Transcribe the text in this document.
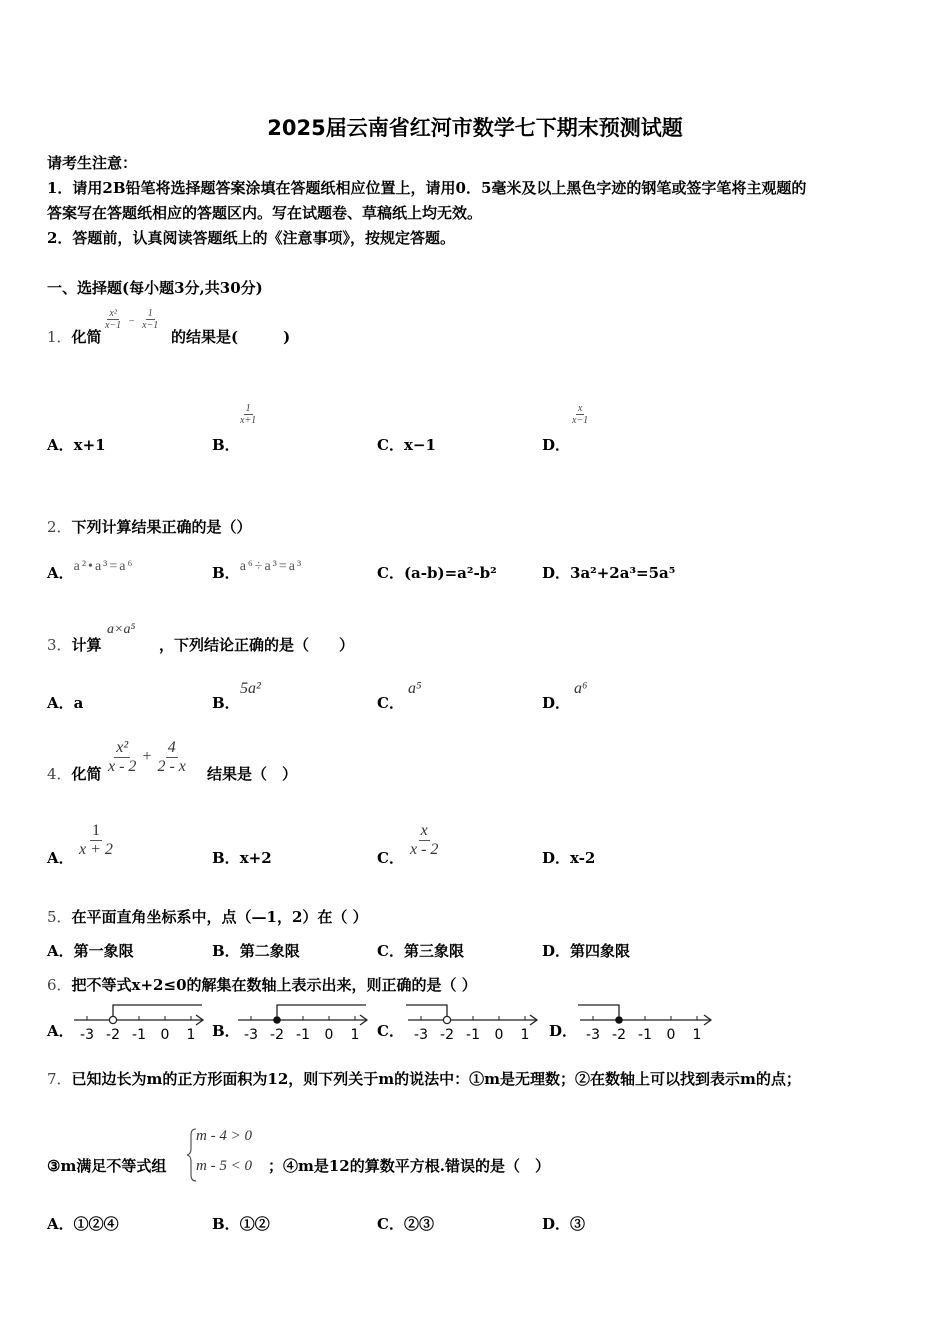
2025届云南省红河市数学七下期末预测试题
请考生注意：
1．请用2B铅笔将选择题答案涂填在答题纸相应位置上，请用0．5毫米及以上黑色字迹的钢笔或签字笔将主观题的
答案写在答题纸相应的答题区内。写在试题卷、草稿纸上均无效。
2．答题前，认真阅读答题纸上的《注意事项》，按规定答题。
一、选择题(每小题3分,共30分)
1．化简
$\frac{\text{x²}}{x-1} - \frac{1}{x-1}$
的结果是(　　　)
A．x+1	B．
$\frac{1}{x+1}$
C．x−1	D．
$\frac{x}{x-1}$
2．下列计算结果正确的是（）
A．a²•a³=a⁶	B．a⁶÷a³=a³	C．(a-b)=a²-b²	D．3a²+2a³=5a⁵
3．计算
a×a⁵
，下列结论正确的是（　　）
A．a	B．
5a²
C．
a⁵
D．
a⁶
4．化简 $\frac{\text{x²}}{x - 2} + \frac{4}{2 - x}$ 结果是（　）
A． $\frac{1}{x + 2}$	B．x+2	C． $\frac{x}{x - 2}$	D．x-2
5．在平面直角坐标系中，点（—1，2）在（ ）
A．第一象限	B．第二象限	C．第三象限	D．第四象限
6．把不等式x+2≤0的解集在数轴上表示出来，则正确的是（ ）
A．	B．	C．	D．
-3 -2 -1 0 1	-3 -2 -1 0 1	-3 -2 -1 0 1	-3 -2 -1 0 1
7．已知边长为m的正方形面积为12，则下列关于m的说法中：①m是无理数；②在数轴上可以找到表示m的点；
③m满足不等式组
m - 4 > 0
m - 5 < 0 ；④m是12的算数平方根.错误的是（　）
A．①②④	B．①②	C．②③	D．③
